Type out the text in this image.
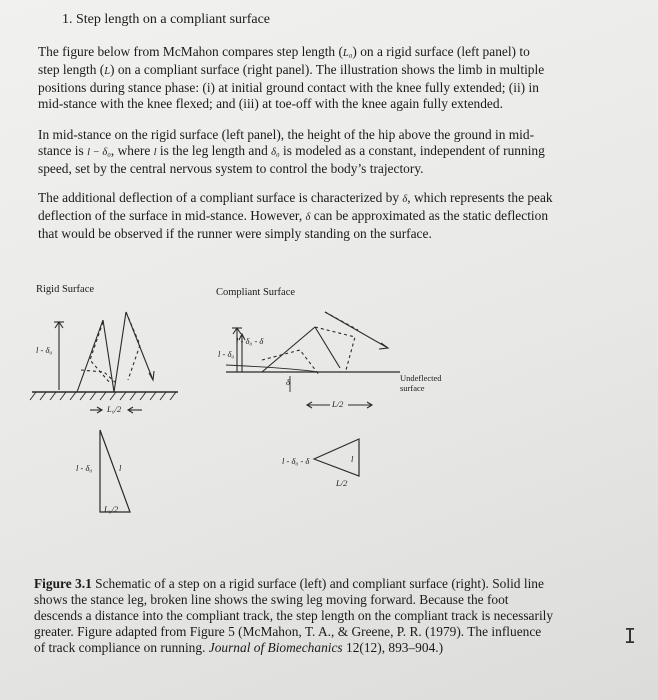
1. Step length on a compliant surface
The figure below from McMahon compares step length (L₀) on a rigid surface (left panel) to
step length (L) on a compliant surface (right panel). The illustration shows the limb in multiple
positions during stance phase: (i) at initial ground contact with the knee fully extended; (ii) in
mid-stance with the knee flexed; and (iii) at toe-off with the knee again fully extended.
In mid-stance on the rigid surface (left panel), the height of the hip above the ground in mid-
stance is l − δ₀, where l is the leg length and δ₀ is modeled as a constant, independent of running
speed, set by the central nervous system to control the body’s trajectory.
The additional deflection of a compliant surface is characterized by δ, which represents the peak
deflection of the surface in mid-stance. However, δ can be approximated as the static deflection
that would be observed if the runner were simply standing on the surface.
Rigid Surface	Compliant Surface
l - δ₀
L₀/2
l - δ₀	l
L₀/2
l - δ₀ - δ
l - δ₀
δ
L/2
Undeflected
surface
l - δ₀ - δ	l
L/2
Figure 3.1 Schematic of a step on a rigid surface (left) and compliant surface (right). Solid line
shows the stance leg, broken line shows the swing leg moving forward. Because the foot
descends a distance into the compliant track, the step length on the compliant track is necessarily
greater. Figure adapted from Figure 5 (McMahon, T. A., & Greene, P. R. (1979). The influence
of track compliance on running. Journal of Biomechanics 12(12), 893–904.)	I
